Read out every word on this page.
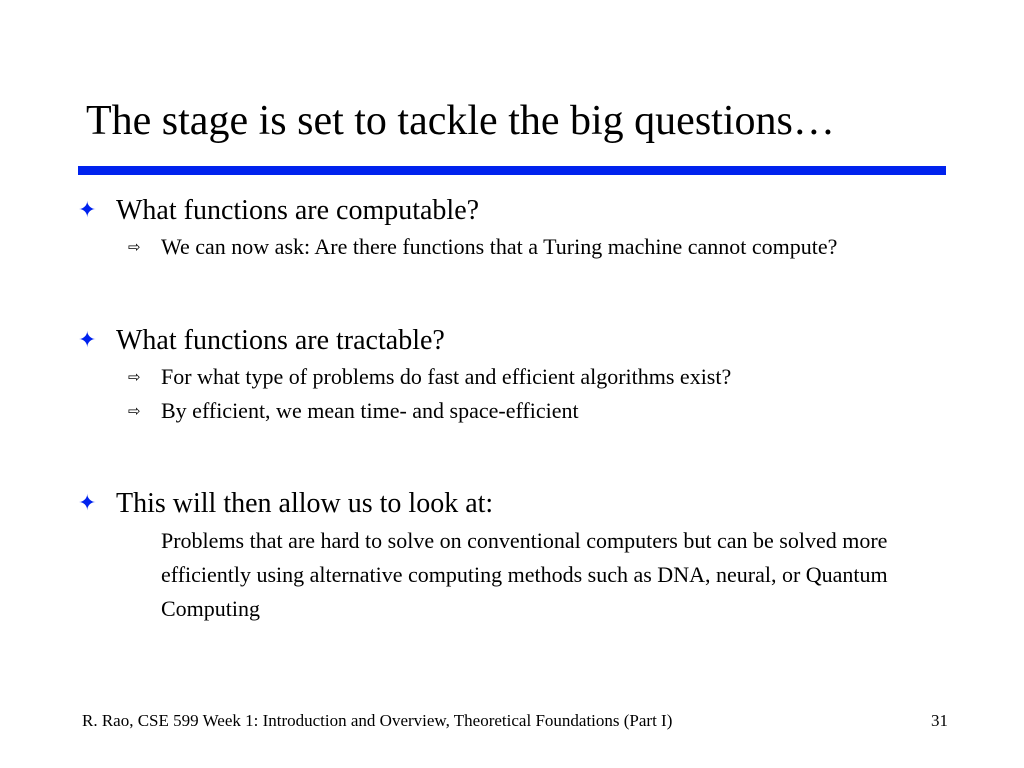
The stage is set to tackle the big questions…
✦ What functions are computable?
⇨ We can now ask: Are there functions that a Turing machine cannot compute?
✦ What functions are tractable?
⇨ For what type of problems do fast and efficient algorithms exist?
⇨ By efficient, we mean time- and space-efficient
✦ This will then allow us to look at:
Problems that are hard to solve on conventional computers but can be solved more efficiently using alternative computing methods such as DNA, neural, or Quantum Computing
R. Rao, CSE 599 Week 1: Introduction and Overview, Theoretical Foundations (Part I)	31
